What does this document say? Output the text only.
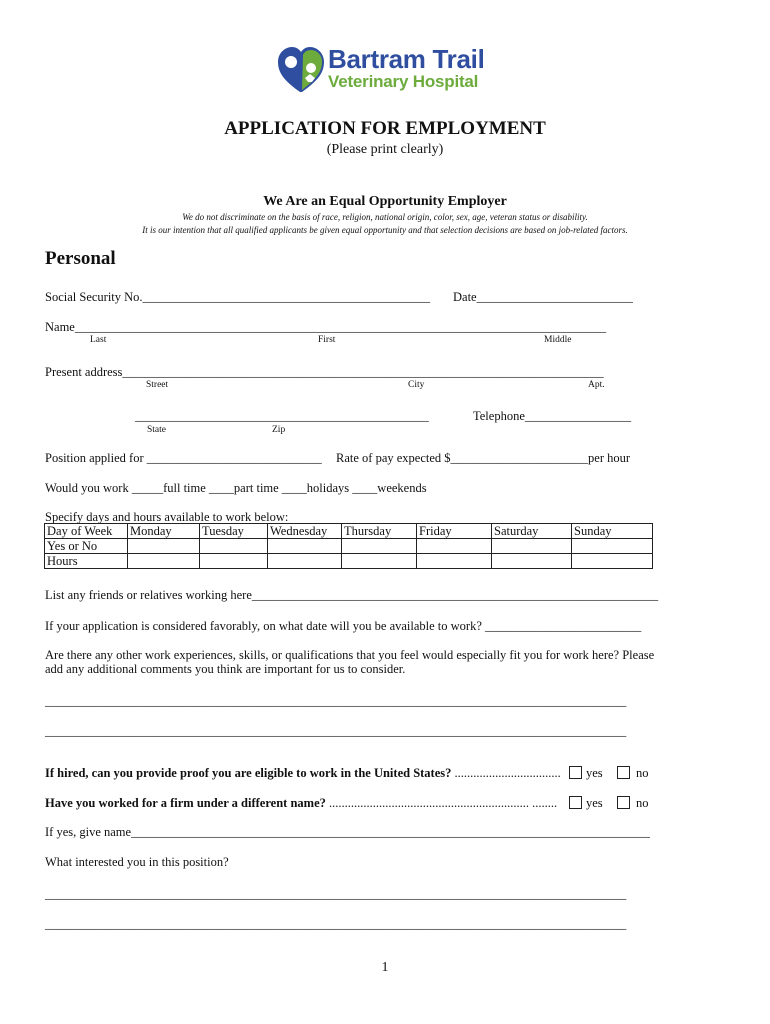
Bartram Trail
Veterinary Hospital
APPLICATION FOR EMPLOYMENT
(Please print clearly)
We Are an Equal Opportunity Employer
We do not discriminate on the basis of race, religion, national origin, color, sex, age, veteran status or disability.
It is our intention that all qualified applicants be given equal opportunity and that selection decisions are based on job-related factors.
Personal
Social Security No.______________________________________________ Date_________________________
Name_____________________________________________________________________________________
Last	First	Middle
Present address_____________________________________________________________________________
Street	City	Apt.
_______________________________________________	Telephone_________________
State	Zip
Position applied for ____________________________ Rate of pay expected $______________________per hour
Would you work _____full time ____part time ____holidays ____weekends
Specify days and hours available to work below:
Day of Week	Monday	Tuesday	Wednesday	Thursday	Friday	Saturday	Sunday
Yes or No							
Hours							
List any friends or relatives working here_________________________________________________________________
If your application is considered favorably, on what date will you be available to work? _________________________
Are there any other work experiences, skills, or qualifications that you feel would especially fit you for work here? Please
add any additional comments you think are important for us to consider.
_____________________________________________________________________________________________
_____________________________________________________________________________________________
If hired, can you provide proof you are eligible to work in the United States? .................................. yes	no
Have you worked for a firm under a different name? ................................................................ ........ yes	no
If yes, give name___________________________________________________________________________________
What interested you in this position?
_____________________________________________________________________________________________
_____________________________________________________________________________________________
1
